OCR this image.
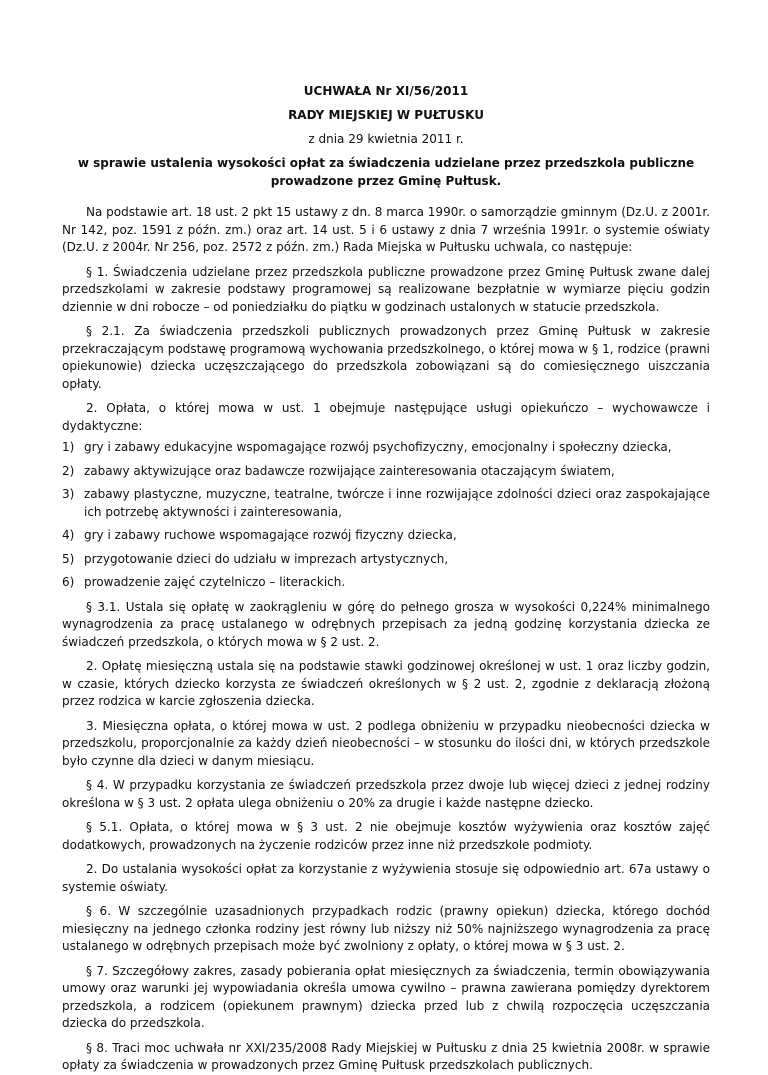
UCHWAŁA Nr XI/56/2011
RADY MIEJSKIEJ W PUŁTUSKU
z dnia 29 kwietnia 2011 r.
w sprawie ustalenia wysokości opłat za świadczenia udzielane przez przedszkola publiczne prowadzone przez Gminę Pułtusk.

Na podstawie art. 18 ust. 2 pkt 15 ustawy z dn. 8 marca 1990r. o samorządzie gminnym (Dz.U. z 2001r. Nr 142, poz. 1591 z późn. zm.) oraz art. 14 ust. 5 i 6 ustawy z dnia 7 września 1991r. o systemie oświaty (Dz.U. z 2004r. Nr 256, poz. 2572 z późn. zm.) Rada Miejska w Pułtusku uchwala, co następuje:

§ 1. Świadczenia udzielane przez przedszkola publiczne prowadzone przez Gminę Pułtusk zwane dalej przedszkolami w zakresie podstawy programowej są realizowane bezpłatnie w wymiarze pięciu godzin dziennie w dni robocze – od poniedziałku do piątku w godzinach ustalonych w statucie przedszkola.

§ 2.1. Za świadczenia przedszkoli publicznych prowadzonych przez Gminę Pułtusk w zakresie przekraczającym podstawę programową wychowania przedszkolnego, o której mowa w § 1, rodzice (prawni opiekunowie) dziecka uczęszczającego do przedszkola zobowiązani są do comiesięcznego uiszczania opłaty.

2. Opłata, o której mowa w ust. 1 obejmuje następujące usługi opiekuńczo – wychowawcze i dydaktyczne:

1) gry i zabawy edukacyjne wspomagające rozwój psychofizyczny, emocjonalny i społeczny dziecka,
2) zabawy aktywizujące oraz badawcze rozwijające zainteresowania otaczającym światem,
3) zabawy plastyczne, muzyczne, teatralne, twórcze i inne rozwijające zdolności dzieci oraz zaspokajające ich potrzebę aktywności i zainteresowania,
4) gry i zabawy ruchowe wspomagające rozwój fizyczny dziecka,
5) przygotowanie dzieci do udziału w imprezach artystycznych,
6) prowadzenie zajęć czytelniczo – literackich.

§ 3.1. Ustala się opłatę w zaokrągleniu w górę do pełnego grosza w wysokości 0,224% minimalnego wynagrodzenia za pracę ustalanego w odrębnych przepisach za jedną godzinę korzystania dziecka ze świadczeń przedszkola, o których mowa w § 2 ust. 2.

2. Opłatę miesięczną ustala się na podstawie stawki godzinowej określonej w ust. 1 oraz liczby godzin, w czasie, których dziecko korzysta ze świadczeń określonych w § 2 ust. 2, zgodnie z deklaracją złożoną przez rodzica w karcie zgłoszenia dziecka.

3. Miesięczna opłata, o której mowa w ust. 2 podlega obniżeniu w przypadku nieobecności dziecka w przedszkolu, proporcjonalnie za każdy dzień nieobecności – w stosunku do ilości dni, w których przedszkole było czynne dla dzieci w danym miesiącu.

§ 4. W przypadku korzystania ze świadczeń przedszkola przez dwoje lub więcej dzieci z jednej rodziny określona w § 3 ust. 2 opłata ulega obniżeniu o 20% za drugie i każde następne dziecko.

§ 5.1. Opłata, o której mowa w § 3 ust. 2 nie obejmuje kosztów wyżywienia oraz kosztów zajęć dodatkowych, prowadzonych na życzenie rodziców przez inne niż przedszkole podmioty.

2. Do ustalania wysokości opłat za korzystanie z wyżywienia stosuje się odpowiednio art. 67a ustawy o systemie oświaty.

§ 6. W szczególnie uzasadnionych przypadkach rodzic (prawny opiekun) dziecka, którego dochód miesięczny na jednego członka rodziny jest równy lub niższy niż 50% najniższego wynagrodzenia za pracę ustalanego w odrębnych przepisach może być zwolniony z opłaty, o której mowa w § 3 ust. 2.

§ 7. Szczegółowy zakres, zasady pobierania opłat miesięcznych za świadczenia, termin obowiązywania umowy oraz warunki jej wypowiadania określa umowa cywilno – prawna zawierana pomiędzy dyrektorem przedszkola, a rodzicem (opiekunem prawnym) dziecka przed lub z chwilą rozpoczęcia uczęszczania dziecka do przedszkola.

§ 8. Traci moc uchwała nr XXI/235/2008 Rady Miejskiej w Pułtusku z dnia 25 kwietnia 2008r. w sprawie opłaty za świadczenia w prowadzonych przez Gminę Pułtusk przedszkolach publicznych.
